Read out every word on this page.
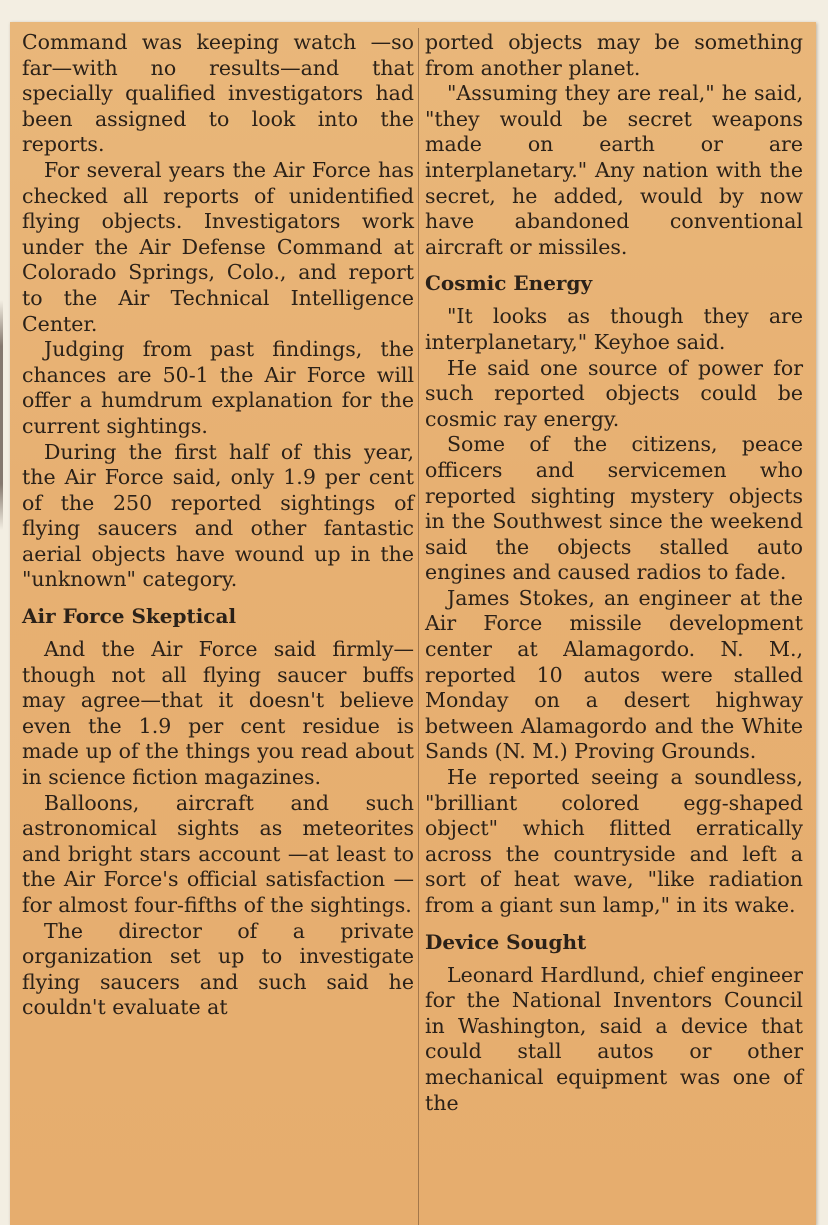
Command was keeping watch —so far—with no results—and that specially qualified investigators had been assigned to look into the reports.

For several years the Air Force has checked all reports of unidentified flying objects. Investigators work under the Air Defense Command at Colorado Springs, Colo., and report to the Air Technical Intelligence Center.

Judging from past findings, the chances are 50-1 the Air Force will offer a humdrum explanation for the current sightings.

During the first half of this year, the Air Force said, only 1.9 per cent of the 250 reported sightings of flying saucers and other fantastic aerial objects have wound up in the "unknown" category.

Air Force Skeptical

And the Air Force said firmly—though not all flying saucer buffs may agree—that it doesn't believe even the 1.9 per cent residue is made up of the things you read about in science fiction magazines.

Balloons, aircraft and such astronomical sights as meteorites and bright stars account —at least to the Air Force's official satisfaction — for almost four-fifths of the sightings.

The director of a private organization set up to investigate flying saucers and such said he couldn't evaluate at

ported objects may be something from another planet.

"Assuming they are real," he said, "they would be secret weapons made on earth or are interplanetary." Any nation with the secret, he added, would by now have abandoned conventional aircraft or missiles.

Cosmic Energy

"It looks as though they are interplanetary," Keyhoe said.

He said one source of power for such reported objects could be cosmic ray energy.

Some of the citizens, peace officers and servicemen who reported sighting mystery objects in the Southwest since the weekend said the objects stalled auto engines and caused radios to fade.

James Stokes, an engineer at the Air Force missile development center at Alamagordo. N. M., reported 10 autos were stalled Monday on a desert highway between Alamagordo and the White Sands (N. M.) Proving Grounds.

He reported seeing a soundless, "brilliant colored egg-shaped object" which flitted erratically across the countryside and left a sort of heat wave, "like radiation from a giant sun lamp," in its wake.

Device Sought

Leonard Hardlund, chief engineer for the National Inventors Council in Washington, said a device that could stall autos or other mechanical equipment was one of the
